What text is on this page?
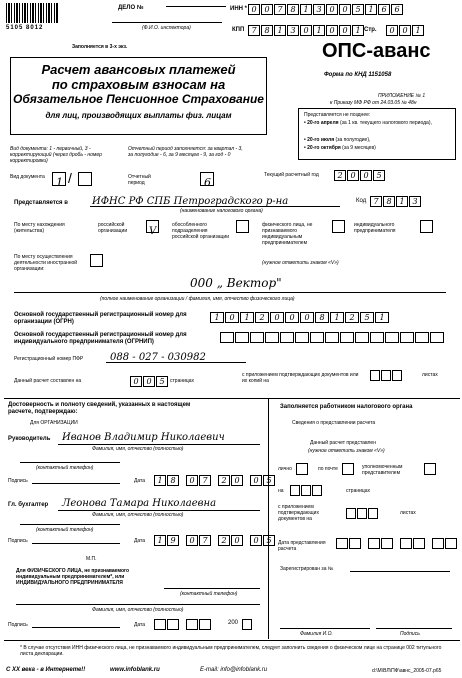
5105 8012
ДЕЛО №
(Ф.И.О. инспектора)
Заполняется в 3-х экз.
ИНН * 0 0 7 8 1 3 0 0 5 1 6 6
КПП 7 8 1 3 0 1 0 0 1 Стр.	0 0 1
Расчет авансовых платежей
по страховым взносам на
Обязательное Пенсионное Страхование
для лиц, производящих выплаты физ. лицам
ОПС-аванс
Форма по КНД 1151058
ПРИЛОЖЕНИЕ № 1
к Приказу МФ РФ от 24.03.05 № 48н
Представляется не позднее:
• 20-го апреля (за 1 кв. текущего налогового периода),
• 20-го июля (за полугодие),
• 20-го октября (за 9 месяцев)
Вид документа: 1 - первичный, 3 - корректирующий (через дробь - номер корректировки)
Вид документа	1 /
Отчетный период заполняется: за квартал - 3, за полугодие - 6, за 9 месяцев - 9, за год - 0
Отчетный период	6
Текущий расчетный год	2 0 0 5
Представляется в ИФНС РФ СПБ Петроградского р-на
(наименование налогового органа)
Код 7 8 1 3
По месту нахождения (жительства)
российской организации	V
обособленного подразделения российской организации
физического лица, не признаваемого индивидуальным предпринимателем
индивидуального предпринимателя
По месту осуществления деятельности иностранной организации:
(нужное отметить знаком «V»)
000 „ Вектор"
(полное наименование организации / фамилия, имя, отчество физического лица)
Основной государственный регистрационный номер для организации (ОГРН)	1	0	1	2	0	0	0	8	1	2	5	1
Основной государственный регистрационный номер для индивидуального предпринимателя (ОГРНИП)
Регистрационный номер ПФР	088 - 027 - 030982
Данный расчет составлен на	0 0 5	страницах
с приложением подтверждающих документов или их копий на
листах
Достоверность и полноту сведений, указанных в настоящем расчете, подтверждаю:
Для ОРГАНИЗАЦИИ
Руководитель Иванов Владимир Николаевич
Фамилия, имя, отчество (полностью)
(контактный телефон)
Подпись	Дата	1 8	0 7	2 0	0 5
Гл. бухгалтер Леонова Тамара Николаевна
Фамилия, имя, отчество (полностью)
(контактный телефон)
Подпись	Дата	1 9	0 7	2 0	0 5
М.П.
Для ФИЗИЧЕСКОГО ЛИЦА, не признаваемого индивидуальным предпринимателем*, или ИНДИВИДУАЛЬНОГО ПРЕДПРИНИМАТЕЛЯ
(контактный телефон)
Фамилия, имя, отчество (полностью)
Подпись	Дата	200
Заполняется работником налогового органа
Сведения о представлении расчета
Данный расчет представлен
(нужное отметить знаком «V»)
лично	по почте	уполномоченным представителем
на	страницах
с приложением подтверждающих документов на
листах
Дата представления расчета
Зарегистрирован за №
Фамилия И.О.	Подпись
* В случае отсутствия ИНН физического лица, не признаваемого индивидуальным предпринимателем, следует заполнить сведения о физическом лице на странице 002 титульного листа декларации.
С XX века - в Интернете!!	www.infoblank.ru	E-mail: info@infoblank.ru	d:\М\ВЛ\ПФ\авнс_2005-07.p65
